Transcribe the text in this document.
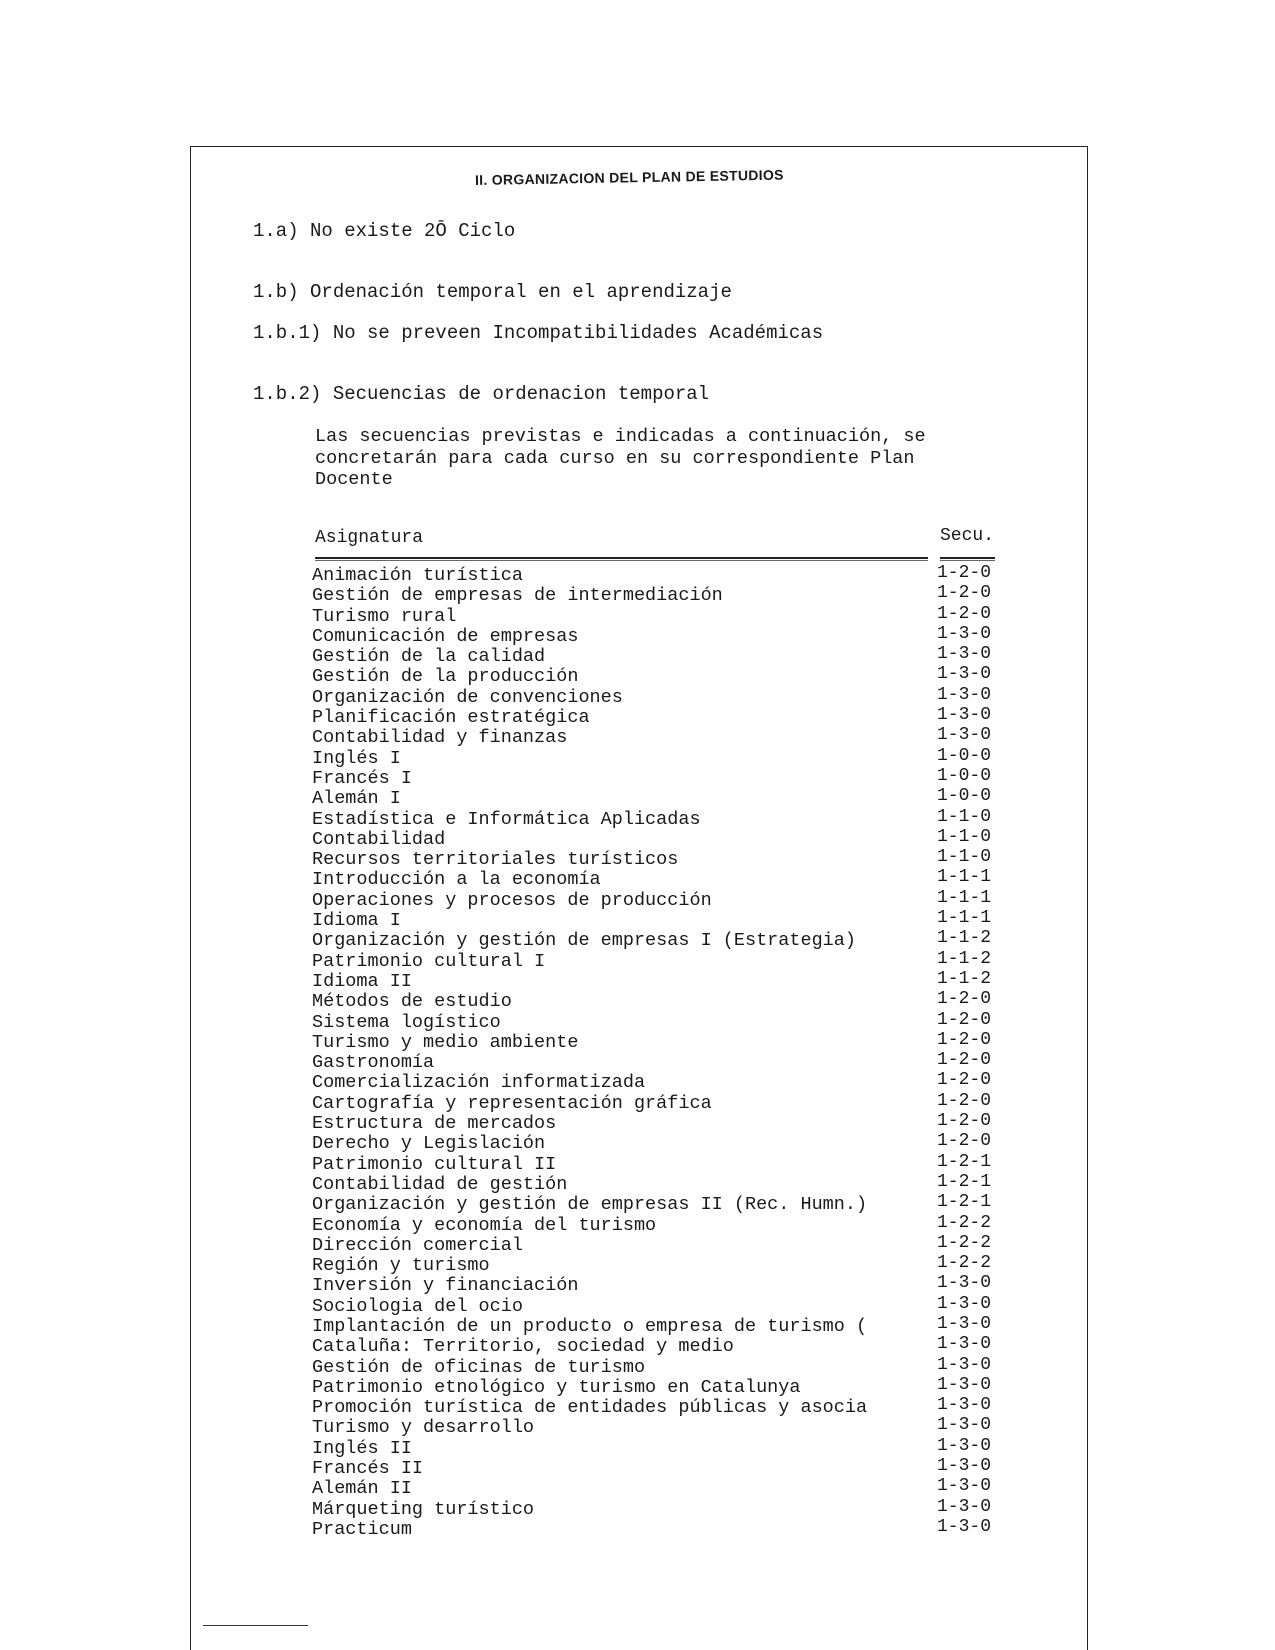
II. ORGANIZACION DEL PLAN DE ESTUDIOS
1.a) No existe 2Ō Ciclo
1.b) Ordenación temporal en el aprendizaje
1.b.1) No se preveen Incompatibilidades Académicas
1.b.2) Secuencias de ordenacion temporal
Las secuencias previstas e indicadas a continuación, se
concretarán para cada curso en su correspondiente Plan
Docente
Asignatura	Secu.
Animación turística
Gestión de empresas de intermediación
Turismo rural
Comunicación de empresas
Gestión de la calidad
Gestión de la producción
Organización de convenciones
Planificación estratégica
Contabilidad y finanzas
Inglés I
Francés I
Alemán I
Estadística e Informática Aplicadas
Contabilidad
Recursos territoriales turísticos
Introducción a la economía
Operaciones y procesos de producción
Idioma I
Organización y gestión de empresas I (Estrategia)
Patrimonio cultural I
Idioma II
Métodos de estudio
Sistema logístico
Turismo y medio ambiente
Gastronomía
Comercialización informatizada
Cartografía y representación gráfica
Estructura de mercados
Derecho y Legislación
Patrimonio cultural II
Contabilidad de gestión
Organización y gestión de empresas II (Rec. Humn.)
Economía y economía del turismo
Dirección comercial
Región y turismo
Inversión y financiación
Sociologia del ocio
Implantación de un producto o empresa de turismo (
Cataluña: Territorio, sociedad y medio
Gestión de oficinas de turismo
Patrimonio etnológico y turismo en Catalunya
Promoción turística de entidades públicas y asocia
Turismo y desarrollo
Inglés II
Francés II
Alemán II
Márqueting turístico
Practicum
1-2-0
1-2-0
1-2-0
1-3-0
1-3-0
1-3-0
1-3-0
1-3-0
1-3-0
1-0-0
1-0-0
1-0-0
1-1-0
1-1-0
1-1-0
1-1-1
1-1-1
1-1-1
1-1-2
1-1-2
1-1-2
1-2-0
1-2-0
1-2-0
1-2-0
1-2-0
1-2-0
1-2-0
1-2-0
1-2-1
1-2-1
1-2-1
1-2-2
1-2-2
1-2-2
1-3-0
1-3-0
1-3-0
1-3-0
1-3-0
1-3-0
1-3-0
1-3-0
1-3-0
1-3-0
1-3-0
1-3-0
1-3-0
